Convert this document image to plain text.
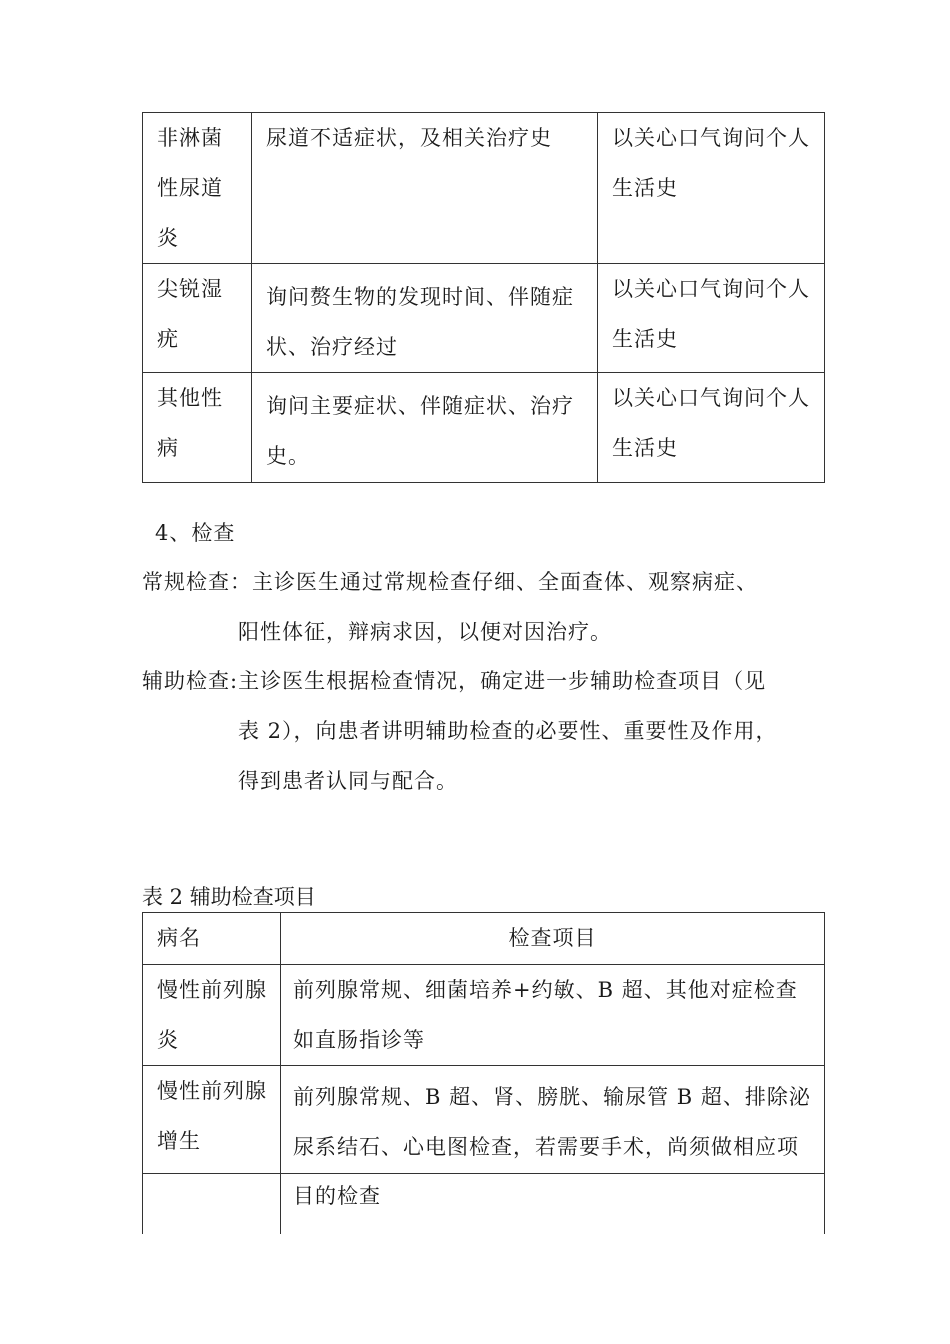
非淋菌性尿道炎	尿道不适症状，及相关治疗史	以关心口气询问个人生活史
尖锐湿疣	询问赘生物的发现时间、伴随症状、治疗经过	以关心口气询问个人生活史
其他性病	询问主要症状、伴随症状、治疗史。	以关心口气询问个人生活史
4、检查
常规检查：主诊医生通过常规检查仔细、全面查体、观察病症、
阳性体征，辩病求因，以便对因治疗。
辅助检查:主诊医生根据检查情况，确定进一步辅助检查项目（见
表 2），向患者讲明辅助检查的必要性、重要性及作用，
得到患者认同与配合。
表 2 辅助检查项目
病名	检查项目
慢性前列腺炎	前列腺常规、细菌培养+约敏、B 超、其他对症检查如直肠指诊等
慢性前列腺增生	前列腺常规、B 超、肾、膀胱、输尿管 B 超、排除泌尿系结石、心电图检查，若需要手术，尚须做相应项
	目的检查
